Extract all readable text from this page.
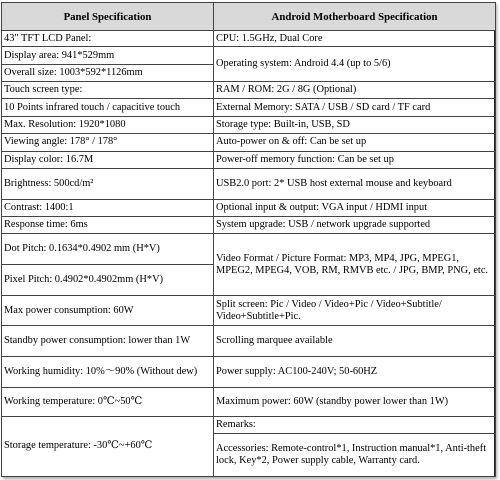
Panel Specification	Android Motherboard Specification
43" TFT LCD Panel:	CPU: 1.5GHz, Dual Core
Display area: 941*529mm	Operating system: Android 4.4 (up to 5/6)
Overall size: 1003*592*1126mm	
Touch screen type:	RAM / ROM: 2G / 8G (Optional)
10 Points infrared touch / capacitive touch	External Memory: SATA / USB / SD card / TF card
Max. Resolution: 1920*1080	Storage type: Built-in, USB, SD
Viewing angle: 178° / 178°	Auto-power on & off: Can be set up
Display color: 16.7M	Power-off memory function: Can be set up
Brightness: 500cd/m²	USB2.0 port: 2* USB host external mouse and keyboard
Contrast: 1400:1	Optional input & output: VGA input / HDMI input
Response time: 6ms	System upgrade: USB / network upgrade supported
Dot Pitch: 0.1634*0.4902 mm (H*V)	Video Format / Picture Format: MP3, MP4, JPG, MPEG1, MPEG2, MPEG4, VOB, RM, RMVB etc. / JPG, BMP, PNG, etc.
Pixel Pitch: 0.4902*0.4902mm (H*V)	
Max power consumption: 60W	Split screen: Pic / Video / Video+Pic / Video+Subtitle/ Video+Subtitle+Pic.
Standby power consumption: lower than 1W	Scrolling marquee available
Working humidity: 10%～90% (Without dew)	Power supply: AC100-240V; 50-60HZ
Working temperature: 0℃~50℃	Maximum power: 60W (standby power lower than 1W)
Storage temperature: -30℃~+60℃	Remarks:
	Accessories: Remote-control*1, Instruction manual*1, Anti-theft lock, Key*2, Power supply cable, Warranty card.
